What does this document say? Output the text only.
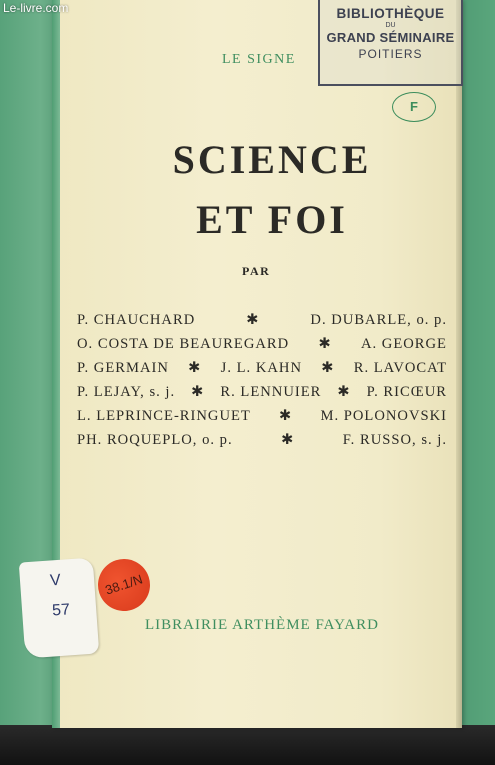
LE SIGNE
SCIENCE
ET FOI
PAR
P. CHAUCHARD	✱	D. DUBARLE, o. p.
O. COSTA DE BEAUREGARD ✱ A. GEORGE
P. GERMAIN ✱ J. L. KAHN ✱ R. LAVOCAT
P. LEJAY, s. j. ✱ R. LENNUIER ✱ P. RICŒUR
L. LEPRINCE-RINGUET ✱ M. POLONOVSKI
PH. ROQUEPLO, o. p.	✱	F. RUSSO, s. j.
LIBRAIRIE ARTHÈME FAYARD
BIBLIOTHÈQUE
DU
GRAND SÉMINAIRE
POITIERS
F
V
57
38.1/N
Le-livre.com
